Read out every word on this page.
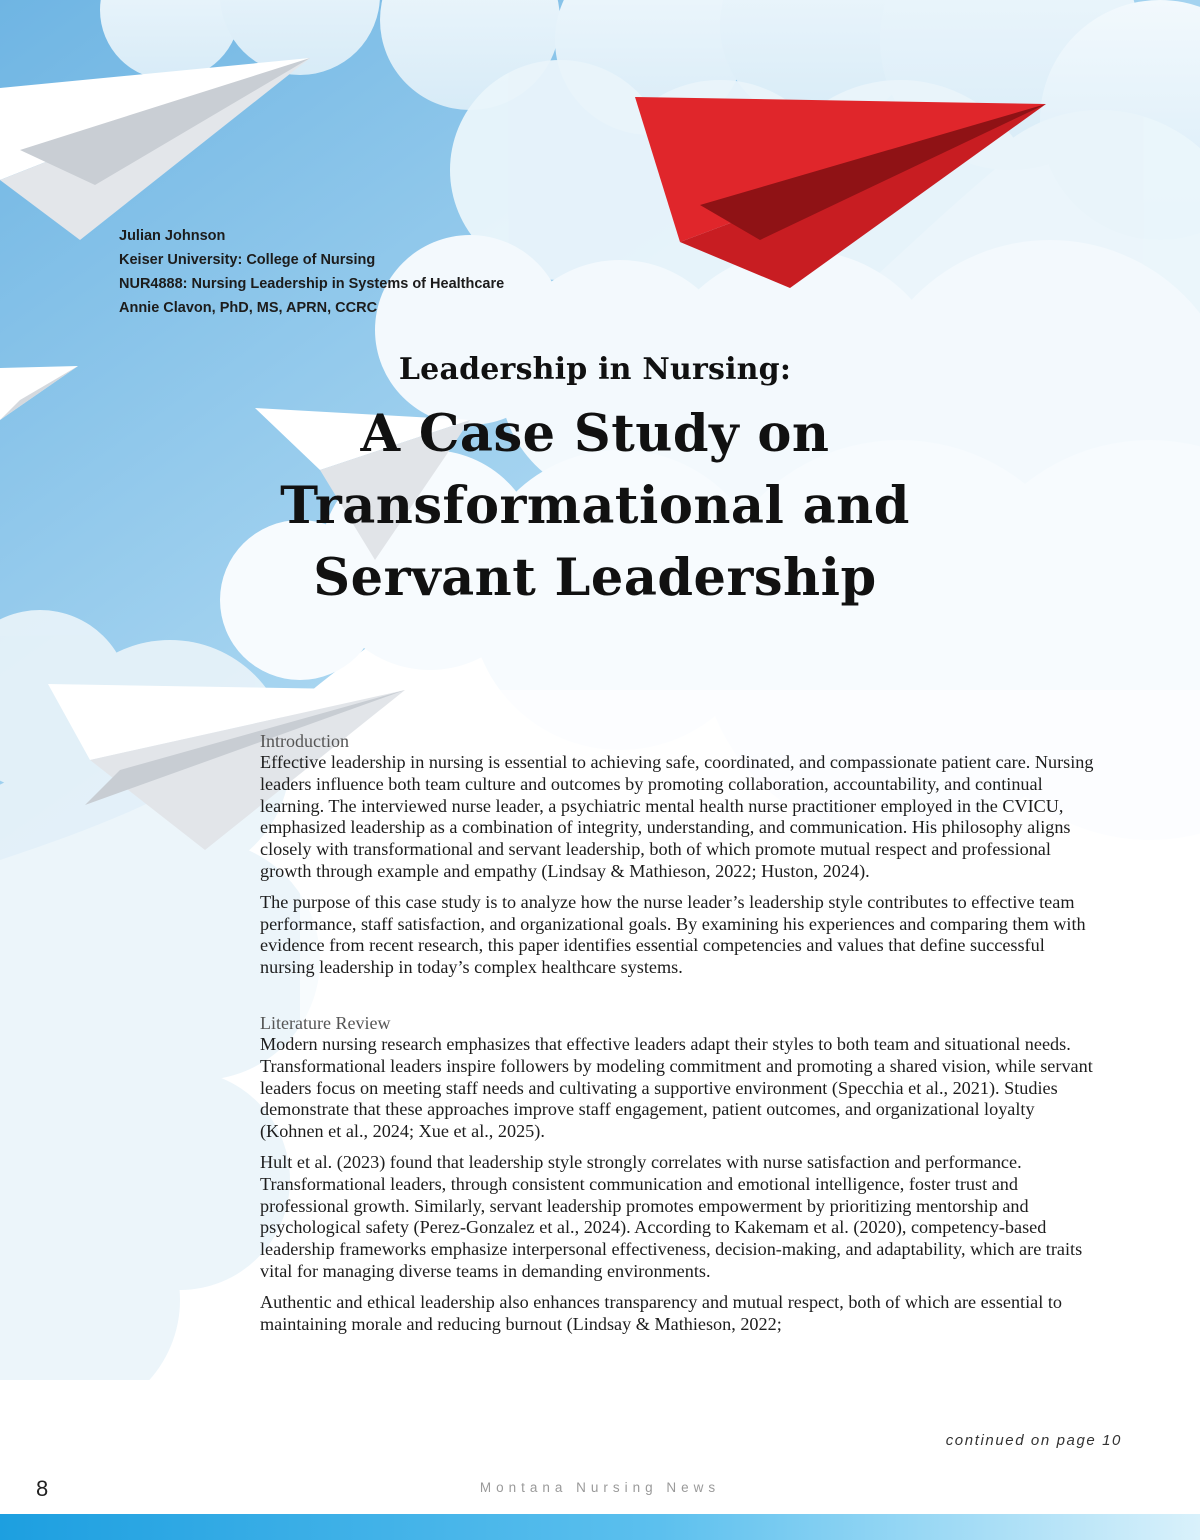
Julian Johnson
Keiser University: College of Nursing
NUR4888: Nursing Leadership in Systems of Healthcare
Annie Clavon, PhD, MS, APRN, CCRC

Leadership in Nursing:

A Case Study on
Transformational and
Servant Leadership

Introduction

Effective leadership in nursing is essential to achieving safe, coordinated, and compassionate patient care. Nursing leaders influence both team culture and outcomes by promoting collaboration, accountability, and continual learning. The interviewed nurse leader, a psychiatric mental health nurse practitioner employed in the CVICU, emphasized leadership as a combination of integrity, understanding, and communication. His philosophy aligns closely with transformational and servant leadership, both of which promote mutual respect and professional growth through example and empathy (Lindsay & Mathieson, 2022; Huston, 2024).

The purpose of this case study is to analyze how the nurse leader’s leadership style contributes to effective team performance, staff satisfaction, and organizational goals. By examining his experiences and comparing them with evidence from recent research, this paper identifies essential competencies and values that define successful nursing leadership in today’s complex healthcare systems.

Literature Review

Modern nursing research emphasizes that effective leaders adapt their styles to both team and situational needs. Transformational leaders inspire followers by modeling commitment and promoting a shared vision, while servant leaders focus on meeting staff needs and cultivating a supportive environment (Specchia et al., 2021). Studies demonstrate that these approaches improve staff engagement, patient outcomes, and organizational loyalty (Kohnen et al., 2024; Xue et al., 2025).

Hult et al. (2023) found that leadership style strongly correlates with nurse satisfaction and performance. Transformational leaders, through consistent communication and emotional intelligence, foster trust and professional growth. Similarly, servant leadership promotes empowerment by prioritizing mentorship and psychological safety (Perez-Gonzalez et al., 2024). According to Kakemam et al. (2020), competency-based leadership frameworks emphasize interpersonal effectiveness, decision-making, and adaptability, which are traits vital for managing diverse teams in demanding environments.

Authentic and ethical leadership also enhances transparency and mutual respect, both of which are essential to maintaining morale and reducing burnout (Lindsay & Mathieson, 2022;

continued on page 10
8	Montana Nursing News
